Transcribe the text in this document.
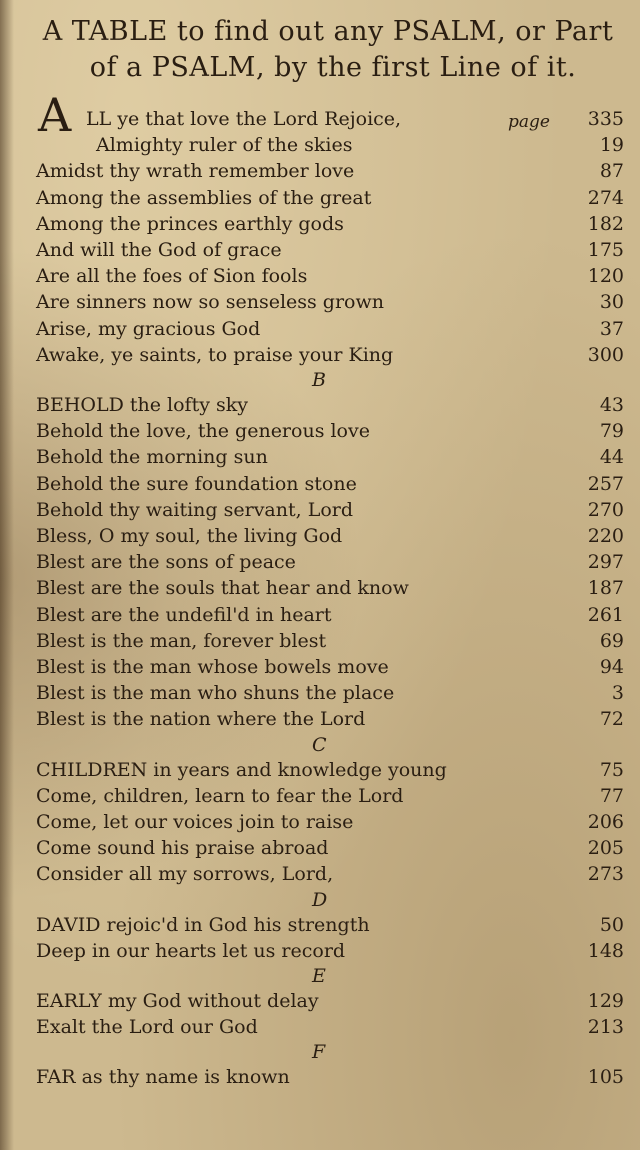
A TABLE to find out any PSALM, or Part
of a PSALM, by the first Line of it.
page
A LL ye that love the Lord Rejoice,	335
Almighty ruler of the skies	19
Amidst thy wrath remember love	87
Among the assemblies of the great	274
Among the princes earthly gods	182
And will the God of grace	175
Are all the foes of Sion fools	120
Are sinners now so senseless grown	30
Arise, my gracious God	37
Awake, ye saints, to praise your King	300
B
BEHOLD the lofty sky	43
Behold the love, the generous love	79
Behold the morning sun	44
Behold the sure foundation stone	257
Behold thy waiting servant, Lord	270
Bless, O my soul, the living God	220
Blest are the sons of peace	297
Blest are the souls that hear and know	187
Blest are the undefil'd in heart	261
Blest is the man, forever blest	69
Blest is the man whose bowels move	94
Blest is the man who shuns the place	3
Blest is the nation where the Lord	72
C
CHILDREN in years and knowledge young	75
Come, children, learn to fear the Lord	77
Come, let our voices join to raise	206
Come sound his praise abroad	205
Consider all my sorrows, Lord,	273
D
DAVID rejoic'd in God his strength	50
Deep in our hearts let us record	148
E
EARLY my God without delay	129
Exalt the Lord our God	213
F
FAR as thy name is known	105
